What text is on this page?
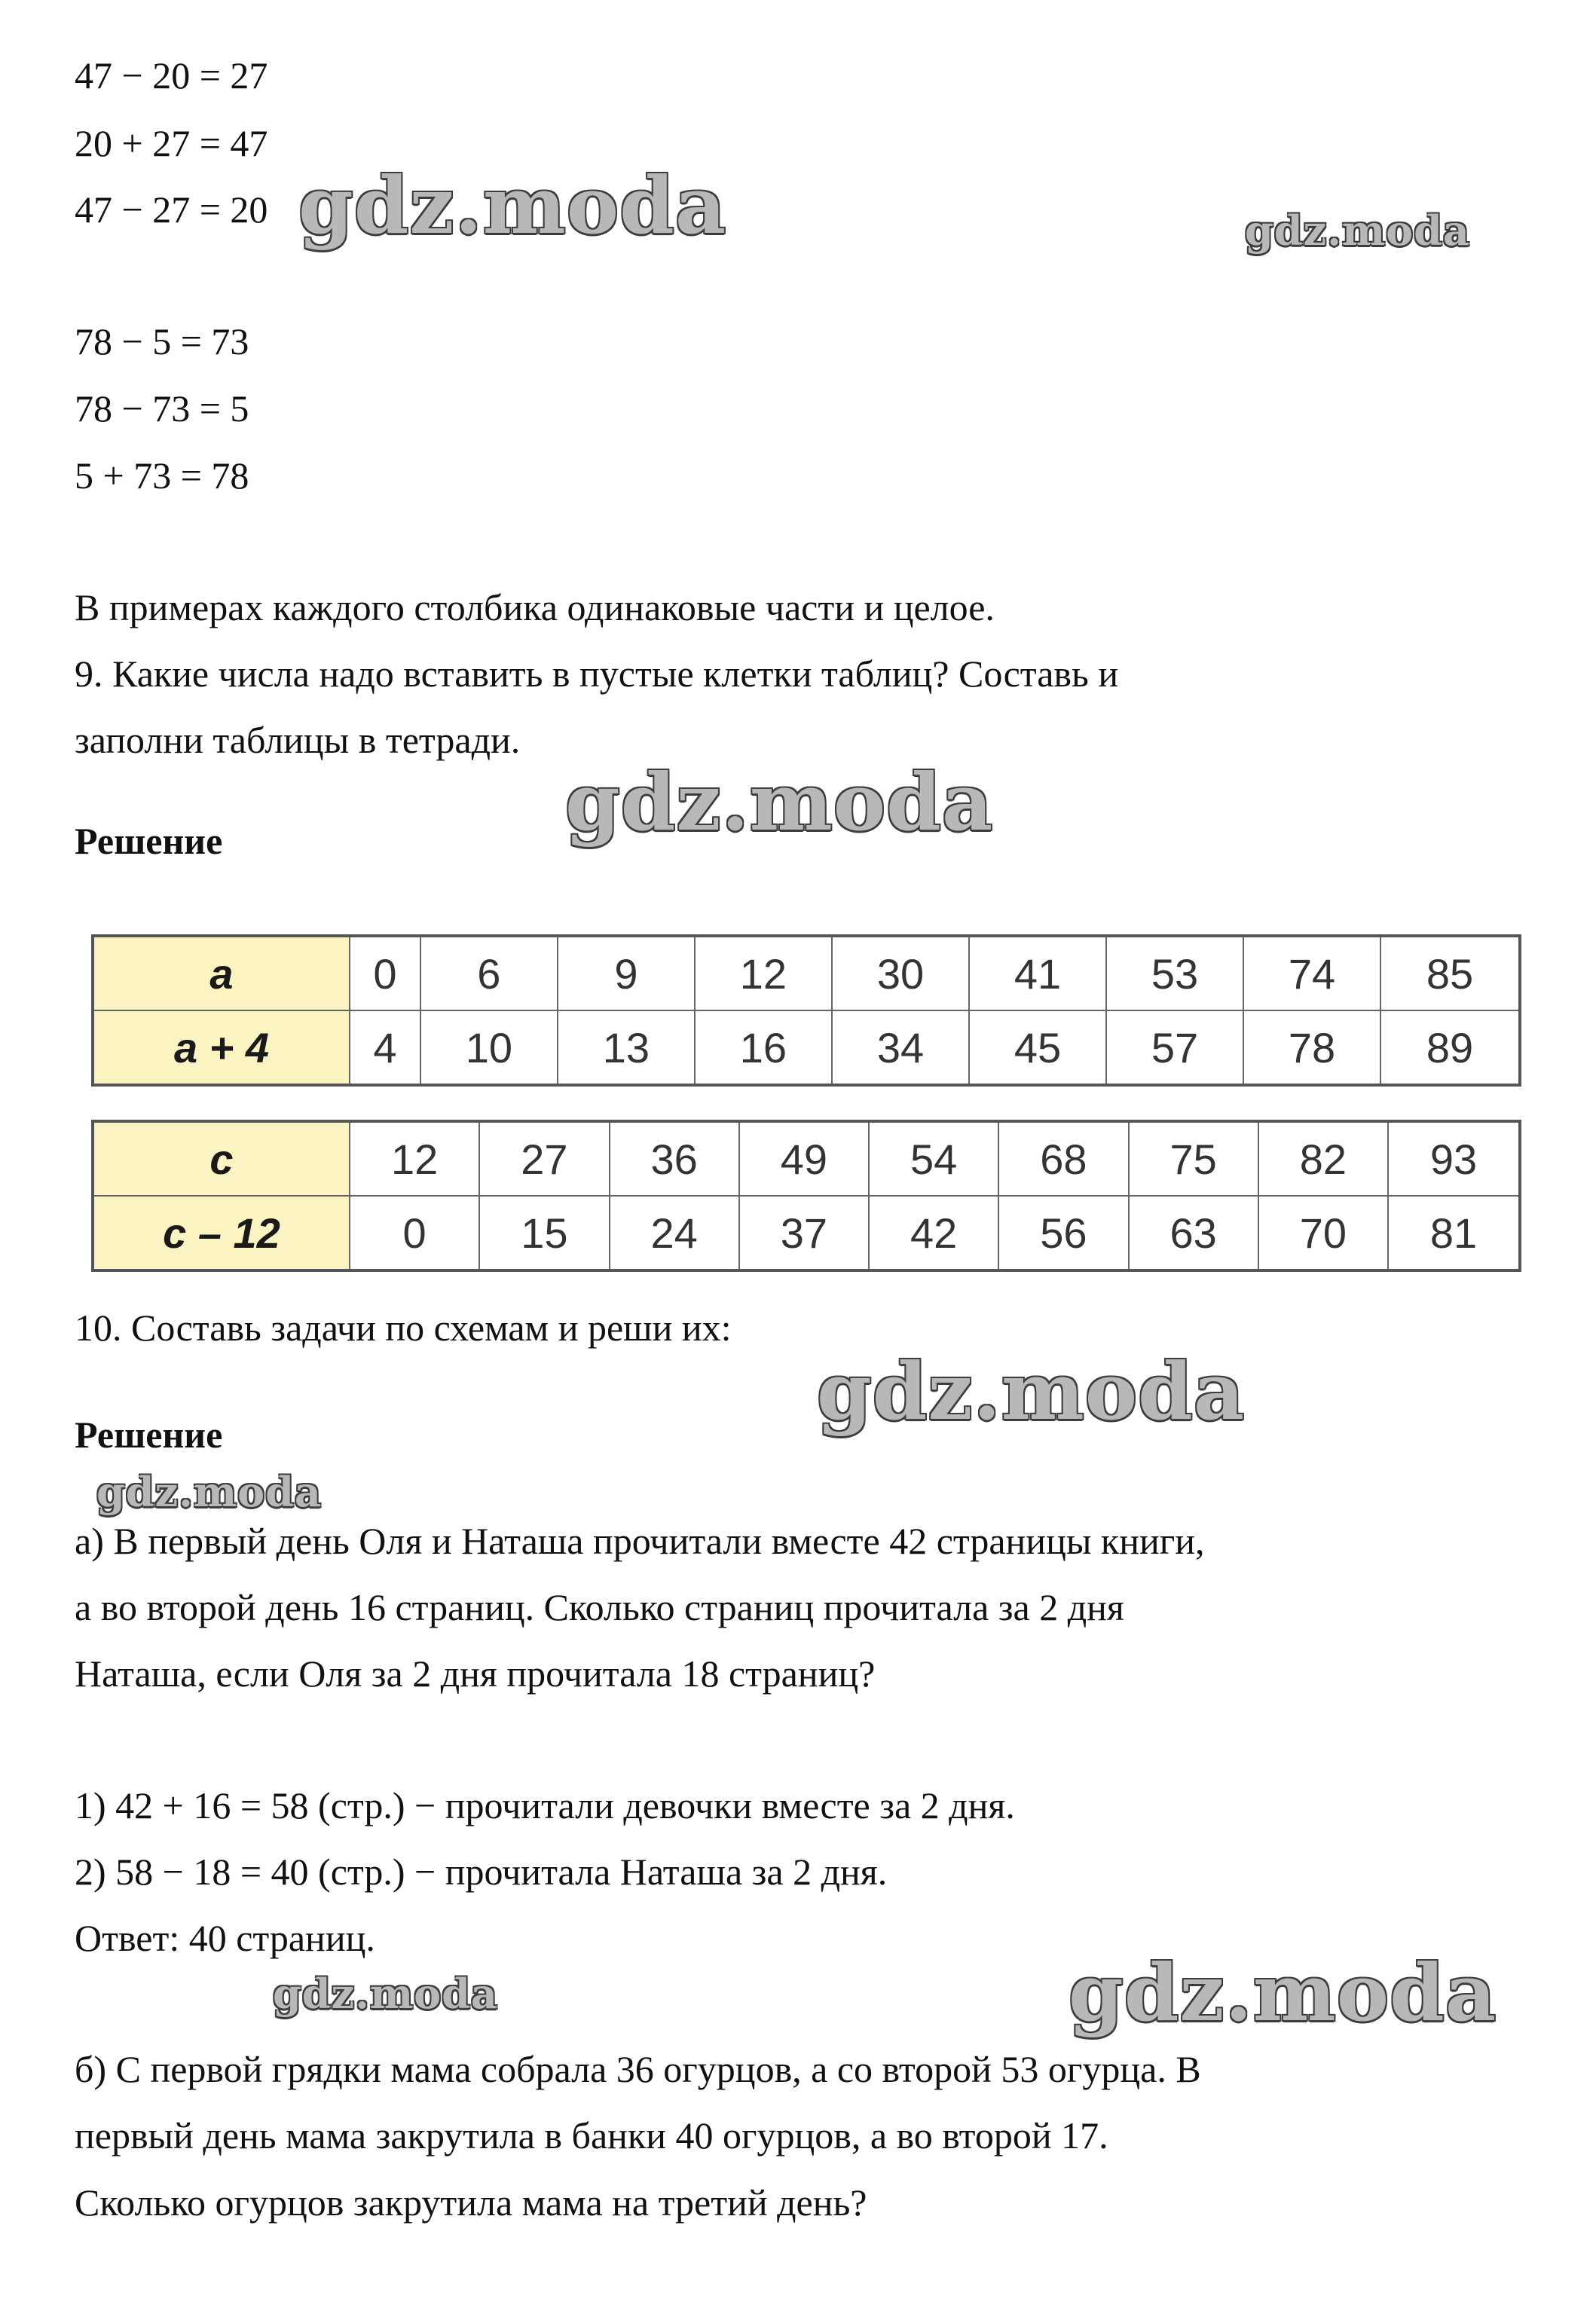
47 − 20 = 27
20 + 27 = 47
47 − 27 = 20
78 − 5 = 73
78 − 73 = 5
5 + 73 = 78
В примерах каждого столбика одинаковые части и целое.
9. Какие числа надо вставить в пустые клетки таблиц? Составь и
заполни таблицы в тетради.
Решение
a	0	6	9	12	30	41	53	74	85
a + 4	4	10	13	16	34	45	57	78	89
c	12	27	36	49	54	68	75	82	93
c – 12	0	15	24	37	42	56	63	70	81
10. Составь задачи по схемам и реши их:
Решение
а) В первый день Оля и Наташа прочитали вместе 42 страницы книги,
а во второй день 16 страниц. Сколько страниц прочитала за 2 дня
Наташа, если Оля за 2 дня прочитала 18 страниц?
1) 42 + 16 = 58 (стр.) − прочитали девочки вместе за 2 дня.
2) 58 − 18 = 40 (стр.) − прочитала Наташа за 2 дня.
Ответ: 40 страниц.
б) С первой грядки мама собрала 36 огурцов, а со второй 53 огурца. В
первый день мама закрутила в банки 40 огурцов, а во второй 17.
Сколько огурцов закрутила мама на третий день?
gdz.moda	gdz.moda
gdz.moda
gdz.moda
gdz.moda
gdz.moda	gdz.moda
